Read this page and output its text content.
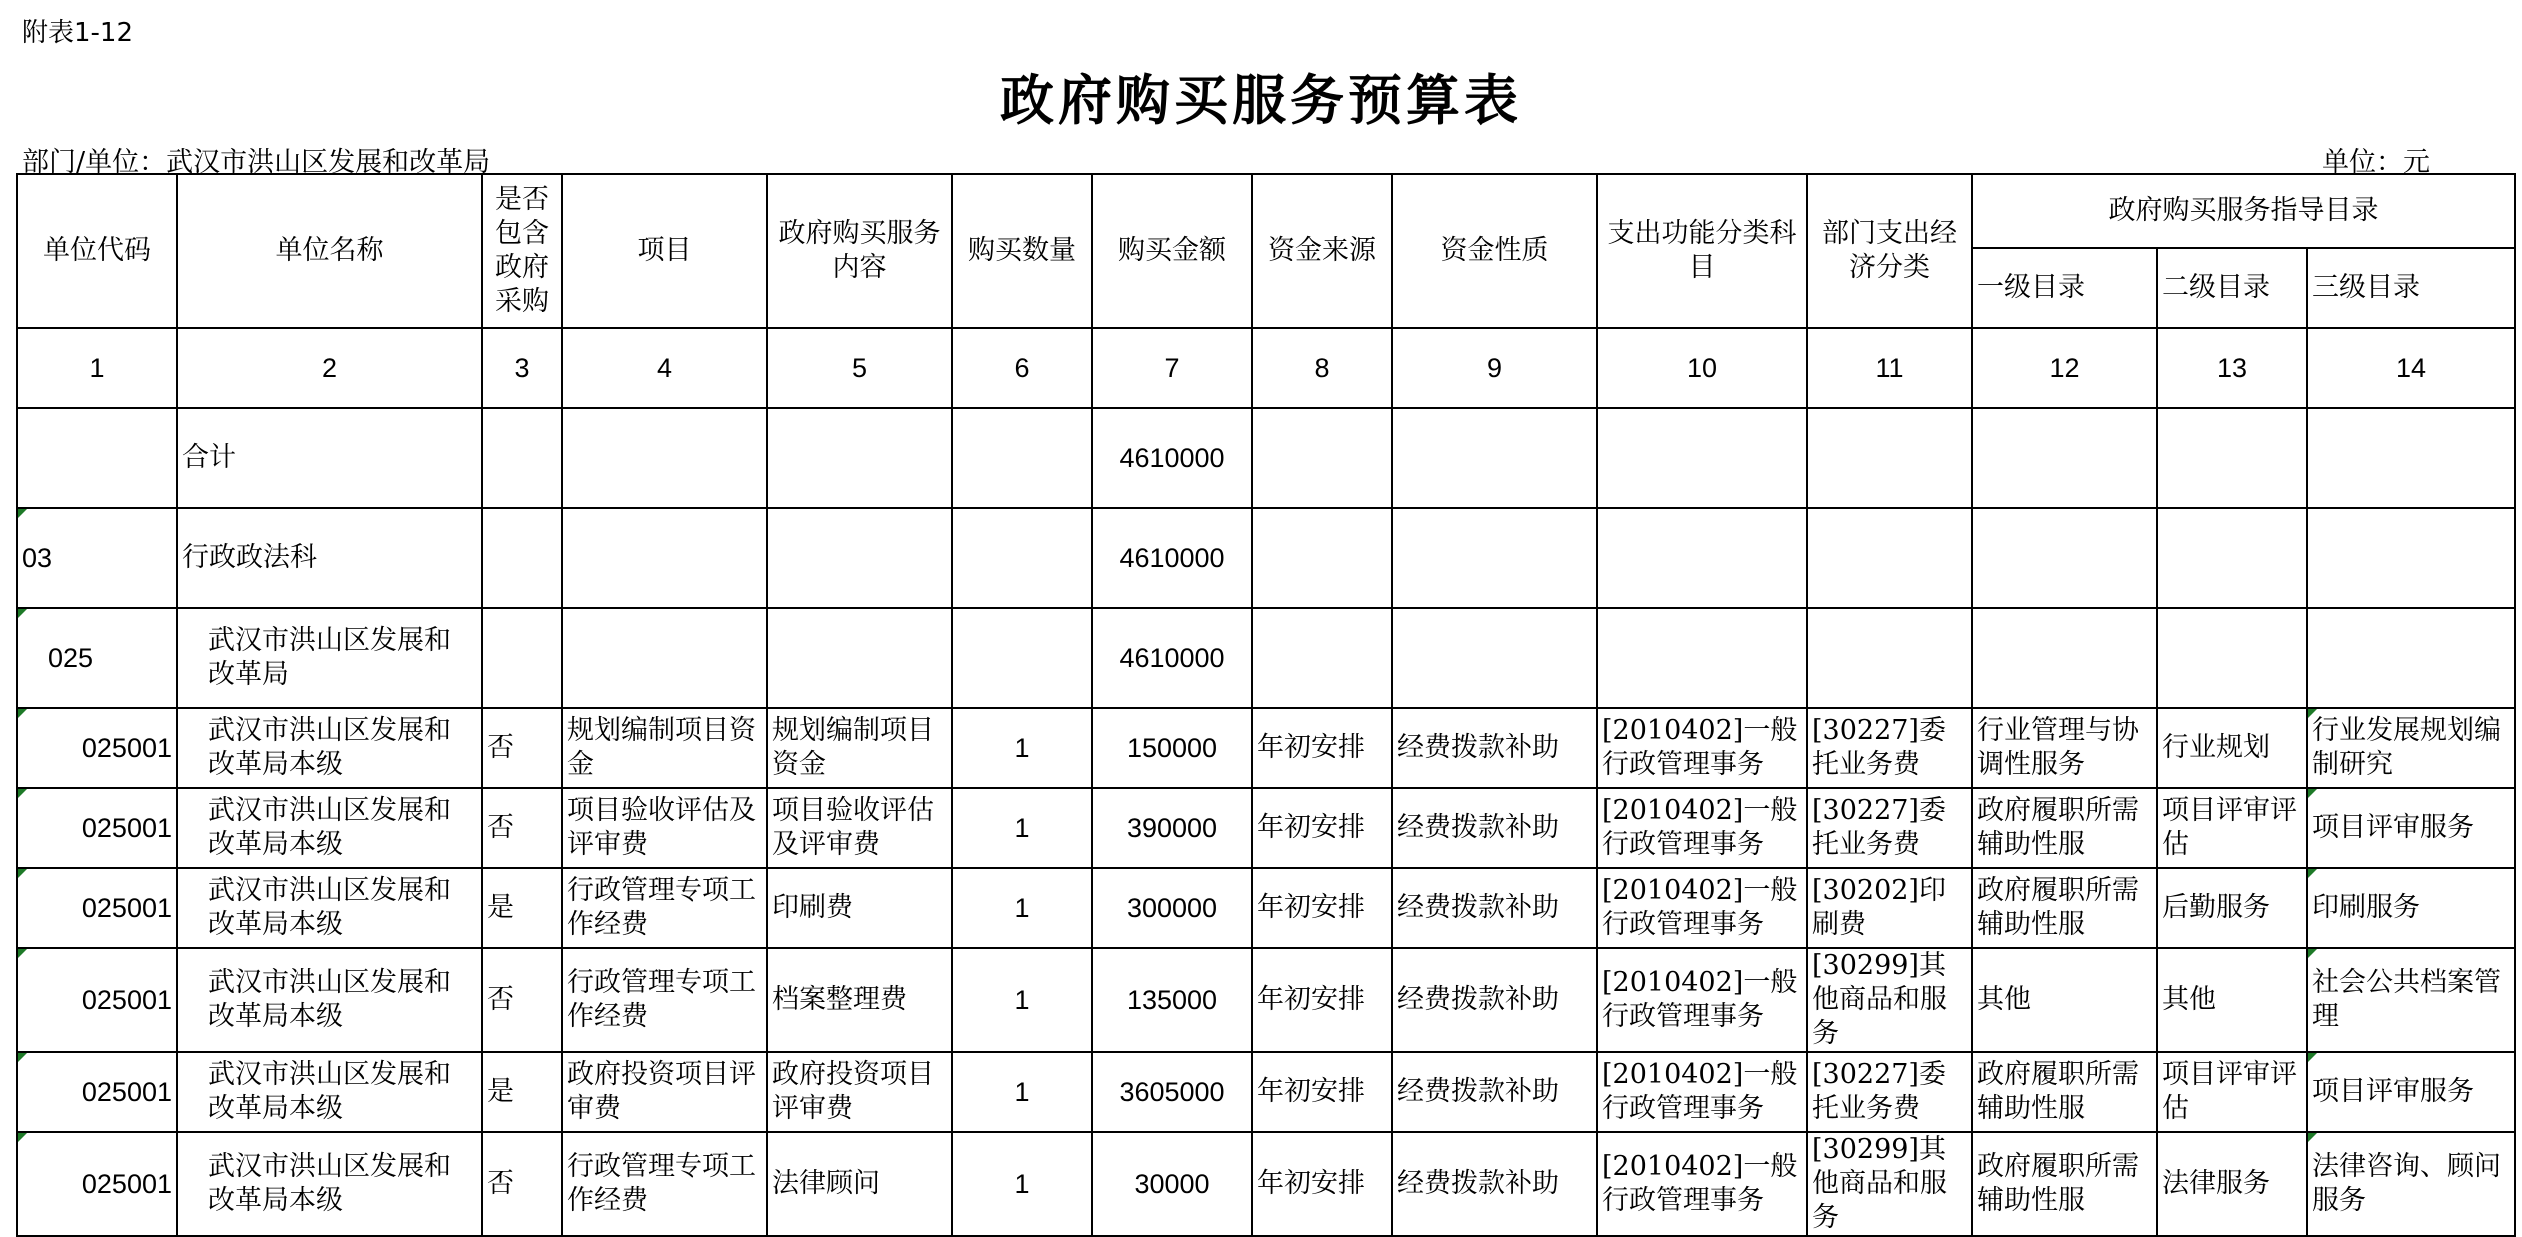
附表1-12
政府购买服务预算表
部门/单位：武汉市洪山区发展和改革局	单位：元
单位代码	单位名称	是否包含政府采购	项目	政府购买服务内容	购买数量	购买金额	资金来源	资金性质	支出功能分类科目	部门支出经济分类	政府购买服务指导目录		
											一级目录	二级目录	三级目录
1	2	3	4	5	6	7	8	9	10	11	12	13	14
	合计					4610000							
03	行政政法科					4610000							
025	武汉市洪山区发展和改革局					4610000							
025001	武汉市洪山区发展和改革局本级	否	规划编制项目资金	规划编制项目资金	1	150000	年初安排	经费拨款补助	[2010402]一般行政管理事务	[30227]委托业务费	行业管理与协调性服务	行业规划	行业发展规划编制研究
025001	武汉市洪山区发展和改革局本级	否	项目验收评估及评审费	项目验收评估及评审费	1	390000	年初安排	经费拨款补助	[2010402]一般行政管理事务	[30227]委托业务费	政府履职所需辅助性服	项目评审评估	项目评审服务
025001	武汉市洪山区发展和改革局本级	是	行政管理专项工作经费	印刷费	1	300000	年初安排	经费拨款补助	[2010402]一般行政管理事务	[30202]印刷费	政府履职所需辅助性服	后勤服务	印刷服务
025001	武汉市洪山区发展和改革局本级	否	行政管理专项工作经费	档案整理费	1	135000	年初安排	经费拨款补助	[2010402]一般行政管理事务	[30299]其他商品和服务	其他	其他	社会公共档案管理
025001	武汉市洪山区发展和改革局本级	是	政府投资项目评审费	政府投资项目评审费	1	3605000	年初安排	经费拨款补助	[2010402]一般行政管理事务	[30227]委托业务费	政府履职所需辅助性服	项目评审评估	项目评审服务
025001	武汉市洪山区发展和改革局本级	否	行政管理专项工作经费	法律顾问	1	30000	年初安排	经费拨款补助	[2010402]一般行政管理事务	[30299]其他商品和服务	政府履职所需辅助性服	法律服务	法律咨询、顾问服务
